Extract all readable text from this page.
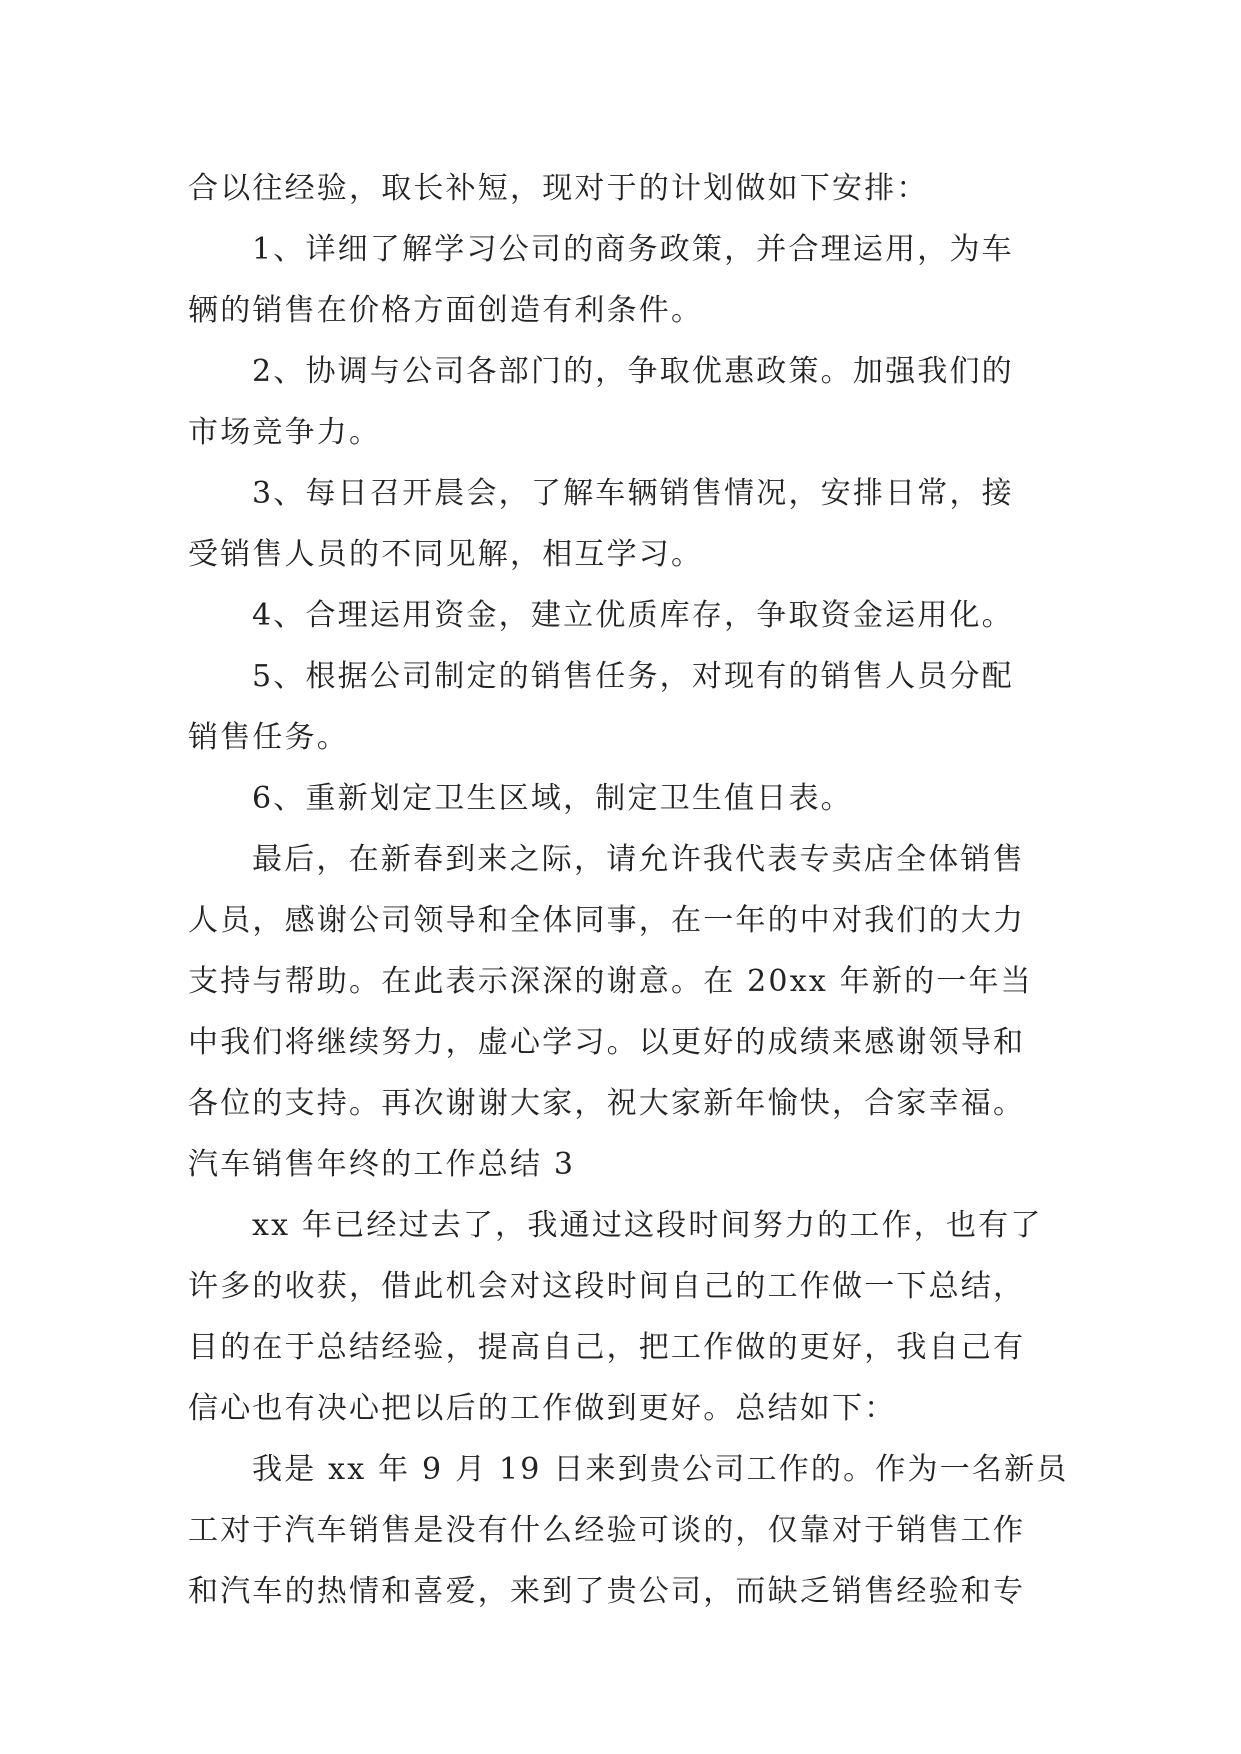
合以往经验，取长补短，现对于的计划做如下安排：
1、详细了解学习公司的商务政策，并合理运用，为车
辆的销售在价格方面创造有利条件。
2、协调与公司各部门的，争取优惠政策。加强我们的
市场竞争力。
3、每日召开晨会，了解车辆销售情况，安排日常，接
受销售人员的不同见解，相互学习。
4、合理运用资金，建立优质库存，争取资金运用化。
5、根据公司制定的销售任务，对现有的销售人员分配
销售任务。
6、重新划定卫生区域，制定卫生值日表。
最后，在新春到来之际，请允许我代表专卖店全体销售
人员，感谢公司领导和全体同事，在一年的中对我们的大力
支持与帮助。在此表示深深的谢意。在 20xx 年新的一年当
中我们将继续努力，虚心学习。以更好的成绩来感谢领导和
各位的支持。再次谢谢大家，祝大家新年愉快，合家幸福。
汽车销售年终的工作总结 3
xx 年已经过去了，我通过这段时间努力的工作，也有了
许多的收获，借此机会对这段时间自己的工作做一下总结，
目的在于总结经验，提高自己，把工作做的更好，我自己有
信心也有决心把以后的工作做到更好。总结如下：
我是 xx 年 9 月 19 日来到贵公司工作的。作为一名新员
工对于汽车销售是没有什么经验可谈的，仅靠对于销售工作
和汽车的热情和喜爱，来到了贵公司，而缺乏销售经验和专
